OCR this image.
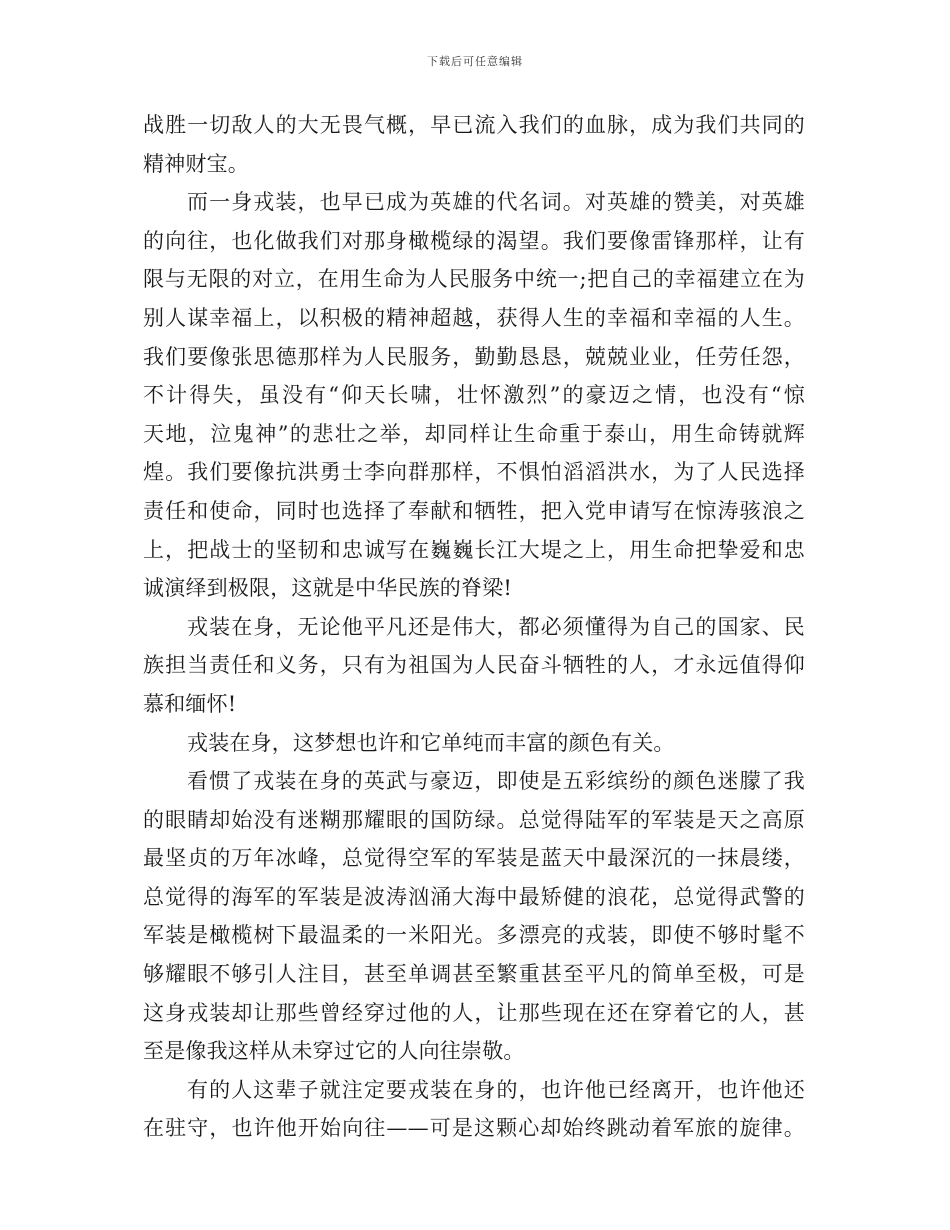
下载后可任意编辑
战胜一切敌人的大无畏气概，早已流入我们的血脉，成为我们共同的
精神财宝。
而一身戎装，也早已成为英雄的代名词。对英雄的赞美，对英雄
的向往，也化做我们对那身橄榄绿的渴望。我们要像雷锋那样，让有
限与无限的对立，在用生命为人民服务中统一;把自己的幸福建立在为
别人谋幸福上，以积极的精神超越，获得人生的幸福和幸福的人生。
我们要像张思德那样为人民服务，勤勤恳恳，兢兢业业，任劳任怨，
不计得失，虽没有“仰天长啸，壮怀激烈”的豪迈之情，也没有“惊
天地，泣鬼神”的悲壮之举，却同样让生命重于泰山，用生命铸就辉
煌。我们要像抗洪勇士李向群那样，不惧怕滔滔洪水，为了人民选择
责任和使命，同时也选择了奉献和牺牲，把入党申请写在惊涛骇浪之
上，把战士的坚韧和忠诚写在巍巍长江大堤之上，用生命把挚爱和忠
诚演绎到极限，这就是中华民族的脊梁!
戎装在身，无论他平凡还是伟大，都必须懂得为自己的国家、民
族担当责任和义务，只有为祖国为人民奋斗牺牲的人，才永远值得仰
慕和缅怀!
戎装在身，这梦想也许和它单纯而丰富的颜色有关。
看惯了戎装在身的英武与豪迈，即使是五彩缤纷的颜色迷朦了我
的眼睛却始没有迷糊那耀眼的国防绿。总觉得陆军的军装是天之高原
最坚贞的万年冰峰，总觉得空军的军装是蓝天中最深沉的一抹晨缕，
总觉得的海军的军装是波涛汹涌大海中最矫健的浪花，总觉得武警的
军装是橄榄树下最温柔的一米阳光。多漂亮的戎装，即使不够时髦不
够耀眼不够引人注目，甚至单调甚至繁重甚至平凡的简单至极，可是
这身戎装却让那些曾经穿过他的人，让那些现在还在穿着它的人，甚
至是像我这样从未穿过它的人向往崇敬。
有的人这辈子就注定要戎装在身的，也许他已经离开，也许他还
在驻守，也许他开始向往——可是这颗心却始终跳动着军旅的旋律。
